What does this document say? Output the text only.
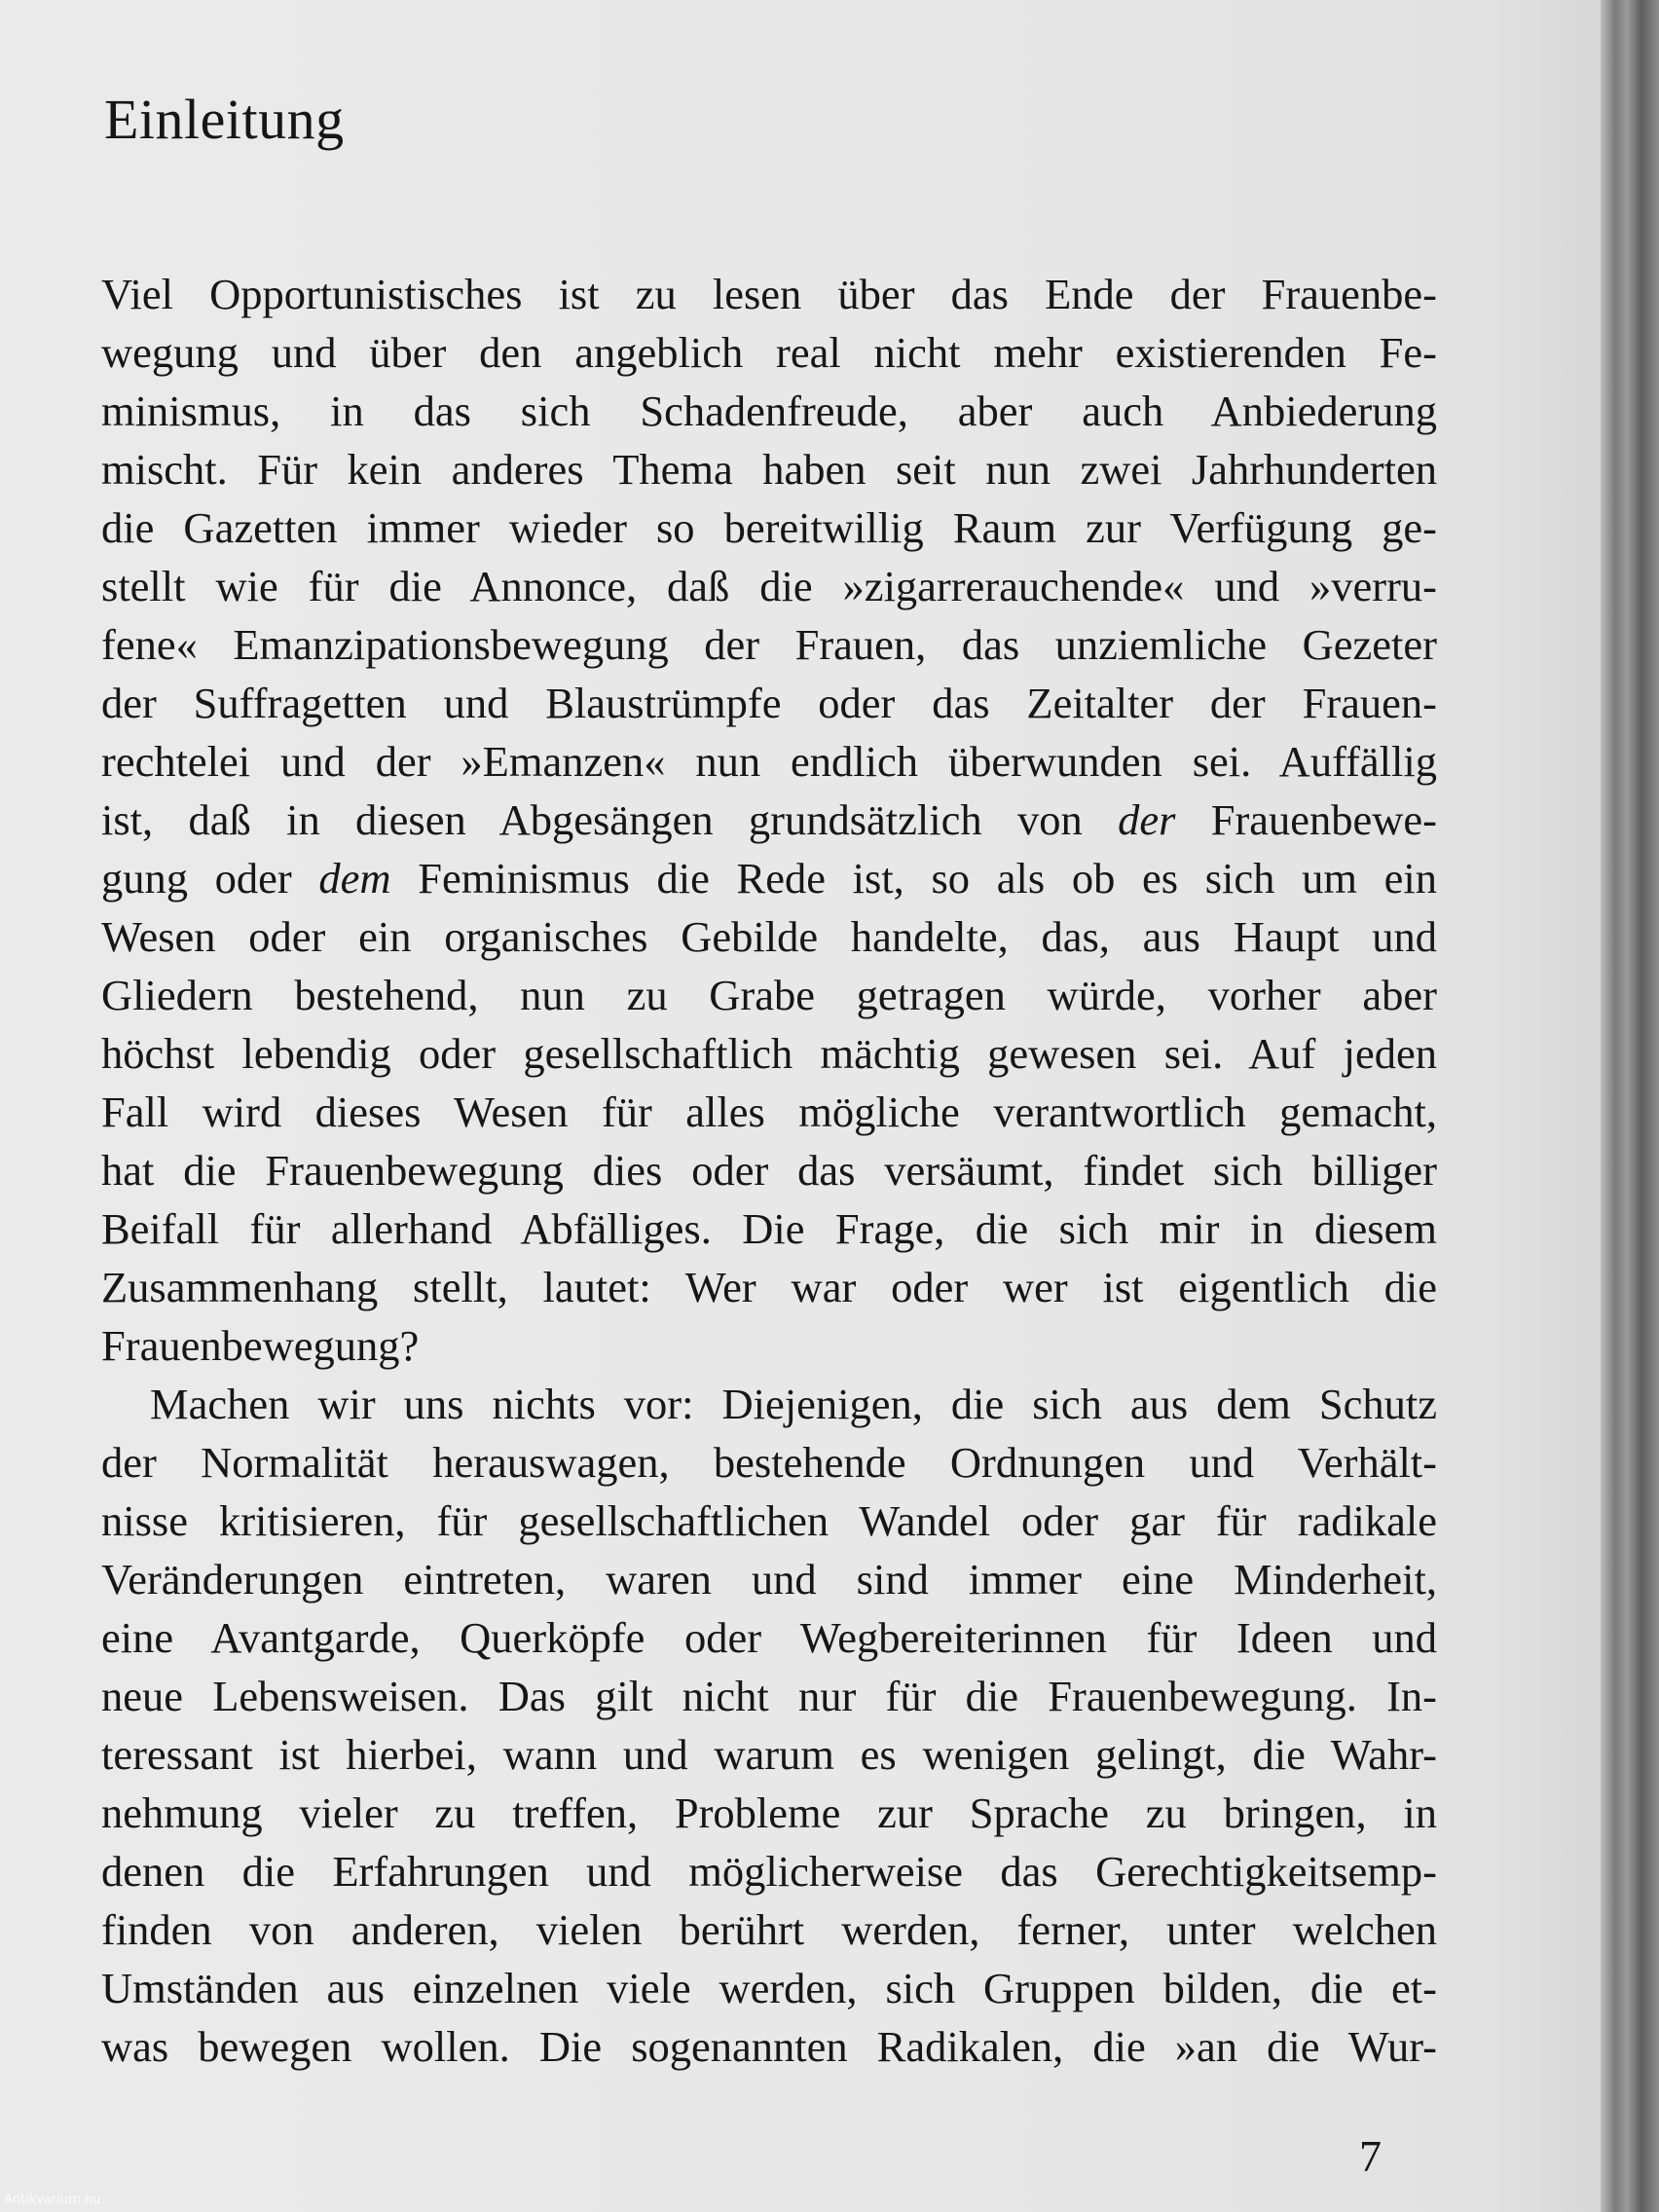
Einleitung
Viel Opportunistisches ist zu lesen über das Ende der Frauenbe-
wegung und über den angeblich real nicht mehr existierenden Fe-
minismus, in das sich Schadenfreude, aber auch Anbiederung
mischt. Für kein anderes Thema haben seit nun zwei Jahrhunderten
die Gazetten immer wieder so bereitwillig Raum zur Verfügung ge-
stellt wie für die Annonce, daß die »zigarrerauchende« und »verru-
fene« Emanzipationsbewegung der Frauen, das unziemliche Gezeter
der Suffragetten und Blaustrümpfe oder das Zeitalter der Frauen-
rechtelei und der »Emanzen« nun endlich überwunden sei. Auffällig
ist, daß in diesen Abgesängen grundsätzlich von der Frauenbewe-
gung oder dem Feminismus die Rede ist, so als ob es sich um ein
Wesen oder ein organisches Gebilde handelte, das, aus Haupt und
Gliedern bestehend, nun zu Grabe getragen würde, vorher aber
höchst lebendig oder gesellschaftlich mächtig gewesen sei. Auf jeden
Fall wird dieses Wesen für alles mögliche verantwortlich gemacht,
hat die Frauenbewegung dies oder das versäumt, findet sich billiger
Beifall für allerhand Abfälliges. Die Frage, die sich mir in diesem
Zusammenhang stellt, lautet: Wer war oder wer ist eigentlich die
Frauenbewegung?
Machen wir uns nichts vor: Diejenigen, die sich aus dem Schutz
der Normalität herauswagen, bestehende Ordnungen und Verhält-
nisse kritisieren, für gesellschaftlichen Wandel oder gar für radikale
Veränderungen eintreten, waren und sind immer eine Minderheit,
eine Avantgarde, Querköpfe oder Wegbereiterinnen für Ideen und
neue Lebensweisen. Das gilt nicht nur für die Frauenbewegung. In-
teressant ist hierbei, wann und warum es wenigen gelingt, die Wahr-
nehmung vieler zu treffen, Probleme zur Sprache zu bringen, in
denen die Erfahrungen und möglicherweise das Gerechtigkeitsemp-
finden von anderen, vielen berührt werden, ferner, unter welchen
Umständen aus einzelnen viele werden, sich Gruppen bilden, die et-
was bewegen wollen. Die sogenannten Radikalen, die »an die Wur-

7

Antikvarium.hu
